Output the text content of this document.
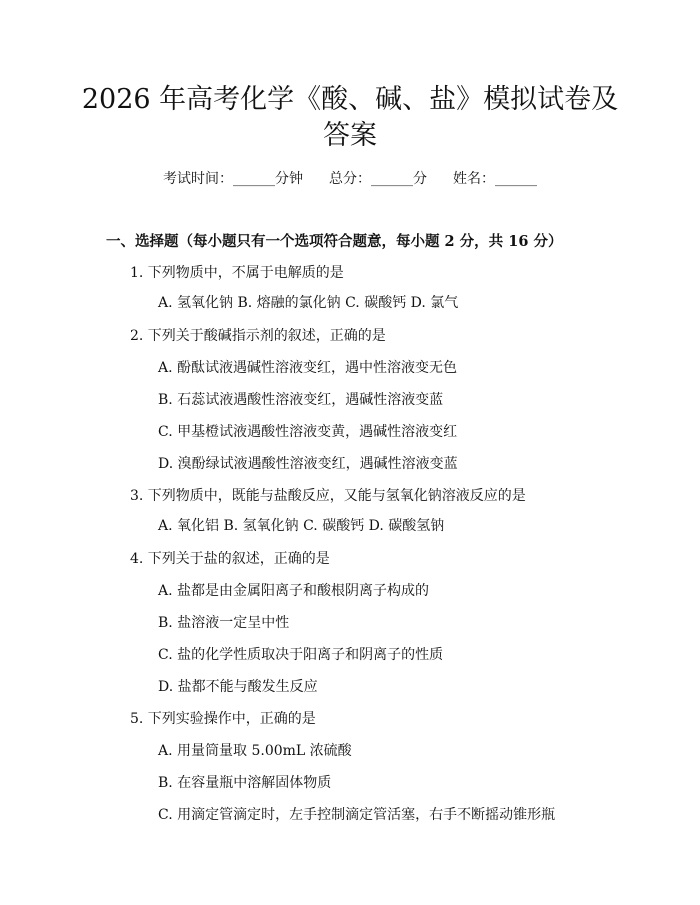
2026 年高考化学《酸、碱、盐》模拟试卷及
答案
考试时间：______分钟 总分：______分 姓名：______
一、选择题（每小题只有一个选项符合题意，每小题 2 分，共 16 分）
1. 下列物质中，不属于电解质的是
A. 氢氧化钠 B. 熔融的氯化钠 C. 碳酸钙 D. 氯气
2. 下列关于酸碱指示剂的叙述，正确的是
A. 酚酞试液遇碱性溶液变红，遇中性溶液变无色
B. 石蕊试液遇酸性溶液变红，遇碱性溶液变蓝
C. 甲基橙试液遇酸性溶液变黄，遇碱性溶液变红
D. 溴酚绿试液遇酸性溶液变红，遇碱性溶液变蓝
3. 下列物质中，既能与盐酸反应，又能与氢氧化钠溶液反应的是
A. 氧化铝 B. 氢氧化钠 C. 碳酸钙 D. 碳酸氢钠
4. 下列关于盐的叙述，正确的是
A. 盐都是由金属阳离子和酸根阴离子构成的
B. 盐溶液一定呈中性
C. 盐的化学性质取决于阳离子和阴离子的性质
D. 盐都不能与酸发生反应
5. 下列实验操作中，正确的是
A. 用量筒量取 5.00mL 浓硫酸
B. 在容量瓶中溶解固体物质
C. 用滴定管滴定时，左手控制滴定管活塞，右手不断摇动锥形瓶
